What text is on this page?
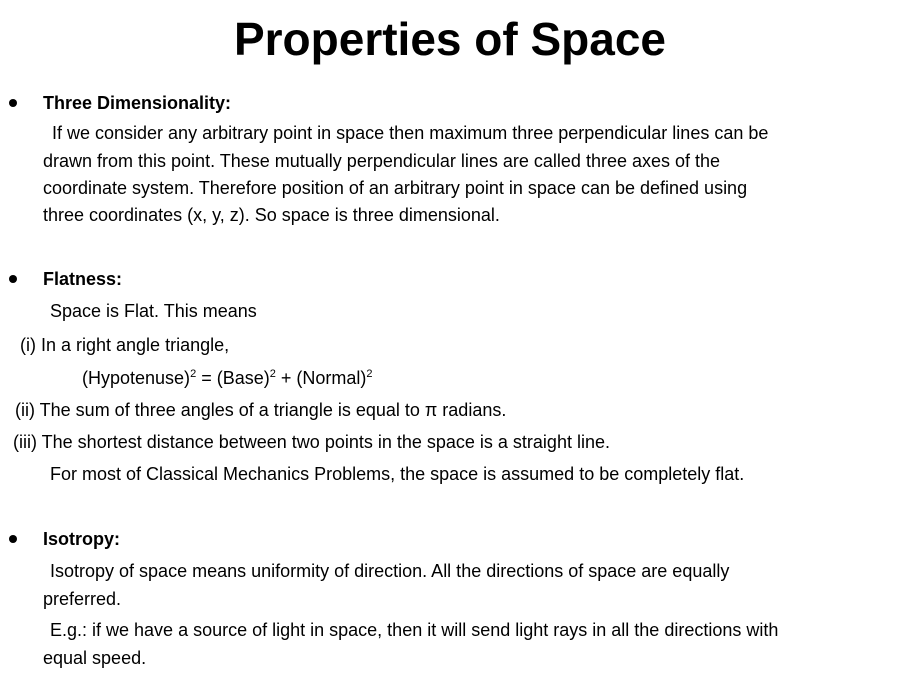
Properties of Space
Three Dimensionality:
If we consider any arbitrary point in space then maximum three perpendicular lines can be
drawn from this point. These mutually perpendicular lines are called three axes of the
coordinate system. Therefore position of an arbitrary point in space can be defined using
three coordinates (x, y, z). So space is three dimensional.
Flatness:
Space is Flat. This means
(i) In a right angle triangle,
(Hypotenuse)$^2$ = (Base)$^2$ + (Normal)$^2$
(ii) The sum of three angles of a triangle is equal to π radians.
(iii) The shortest distance between two points in the space is a straight line.
For most of Classical Mechanics Problems, the space is assumed to be completely flat.
Isotropy:
Isotropy of space means uniformity of direction. All the directions of space are equally
preferred.
E.g.: if we have a source of light in space, then it will send light rays in all the directions with
equal speed.
